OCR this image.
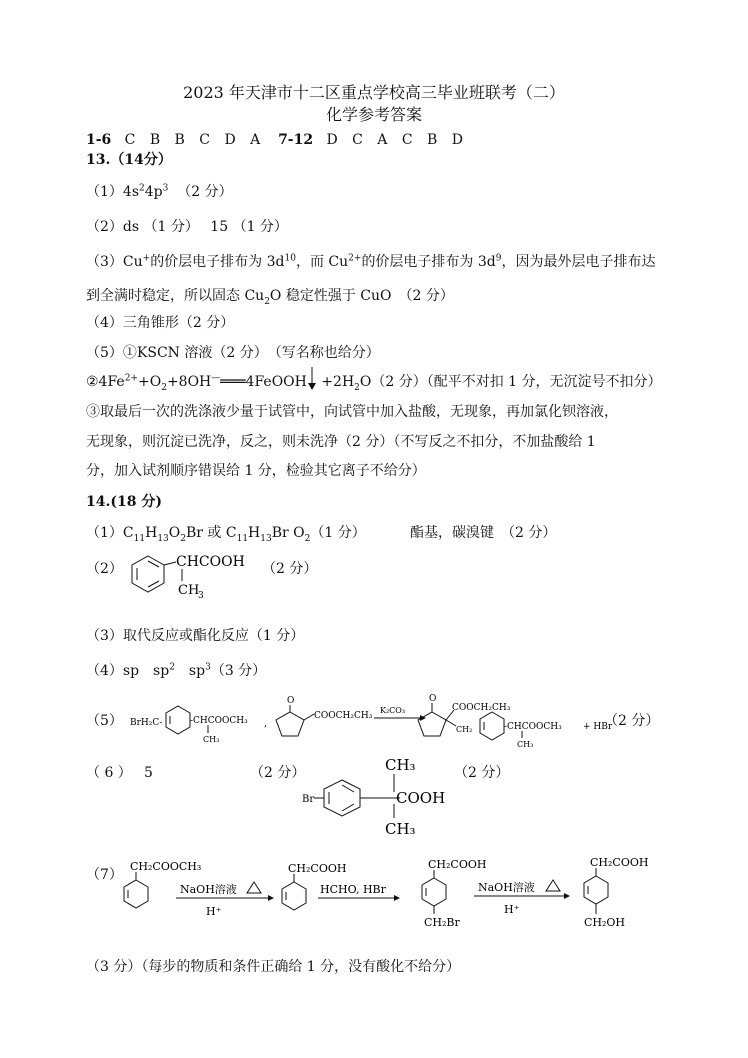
2023 年天津市十二区重点学校高三毕业班联考（二）
化学参考答案
1-6 C B B C D A 7-12 D C A C B D
13.（14分）
$(1)4s^24p^3$ （2 分）
（2）ds （1 分）　 15 （1 分）
（3）Cu+的价层电子排布为 $3d^{10}$，而 $Cu^{2+}$的价层电子排布为 $3d^9$，因为最外层电子排布达
到全满时稳定，所以固态 $Cu_2O$ 稳定性强于 CuO　（2 分）
（4）三角锥形（2 分）
（5）①KSCN 溶液（2 分）　（写名称也给分）
$②4Fe^{2+}+O_2+8OH^—═══4FeOOH$
$+2H_2O(2$ 分）（配平不对扣 1 分，无沉淀号不扣分）
③取最后一次的洗涤液少量于试管中，向试管中加入盐酸，无现象，再加氯化钡溶液，
无现象，则沉淀已洗净，反之，则未洗净（2 分）（不写反之不扣分，不加盐酸给 1
分，加入试剂顺序错误给 1 分，检验其它离子不给分）
14.(18 分)
$(1)C_{11}H_{13}O_2Br$ 或 $C_{11}H_{13}Br$ $O_2(1$ 分）	酯基，碳溴键　（2 分）
（2）	CHCOOH
CH
3
（2 分）
（3）取代反应或酯化反应（1 分）
（4）sp　$sp^2$　$sp^3(3$ 分）
（5） BrH₂C-	-CHCOOCH₃
CH₃
,
O
COOCH₂CH₃
K₂CO₃
O
COOCH₂CH₃
CH₂	-CHCOOCH₃
CH₃
+ HBr
（2 分）
（ 6 ） 5	（2 分）
Br
CH₃
COOH
CH₃
（2 分）
（7）
CH₂COOCH₃
NaOH溶液
H⁺
CH₂COOH
HCHO, HBr
CH₂COOH
CH₂Br
NaOH溶液
H⁺
CH₂COOH
CH₂OH
（3 分）（每步的物质和条件正确给 1 分，没有酸化不给分）
